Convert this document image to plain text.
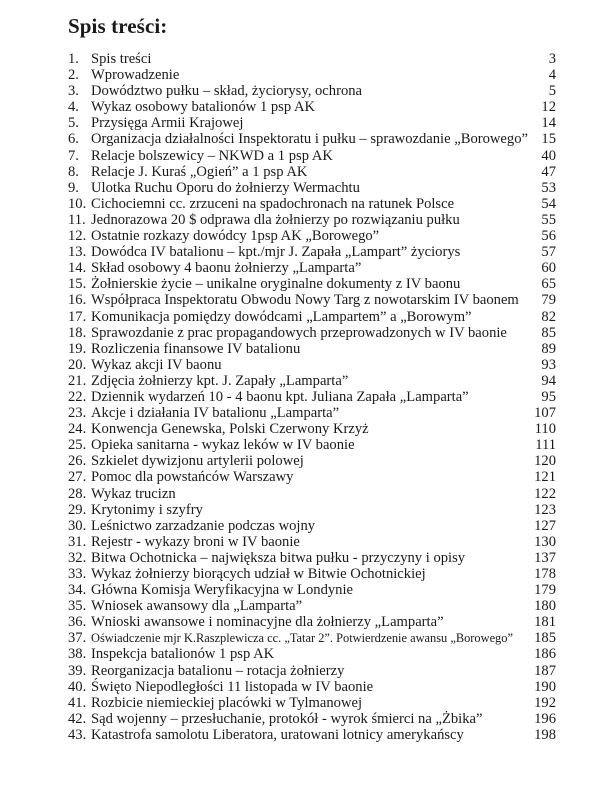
Spis treści:
1. Spis treści	3
2. Wprowadzenie	4
3. Dowództwo pułku – skład, życiorysy, ochrona	5
4. Wykaz osobowy batalionów 1 psp AK	12
5. Przysięga Armii Krajowej	14
6. Organizacja działalności Inspektoratu i pułku – sprawozdanie „Borowego” 15
7. Relacje bolszewicy – NKWD a 1 psp AK	40
8. Relacje J. Kuraś „Ogień” a 1 psp AK	47
9. Ulotka Ruchu Oporu do żołnierzy Wermachtu	53
10. Cichociemni cc. zrzuceni na spadochronach na ratunek Polsce	54
11. Jednorazowa 20 $ odprawa dla żołnierzy po rozwiązaniu pułku	55
12. Ostatnie rozkazy dowódcy 1psp AK „Borowego”	56
13. Dowódca IV batalionu – kpt./mjr J. Zapała „Lampart” życiorys	57
14. Skład osobowy 4 baonu żołnierzy „Lamparta”	60
15. Żołnierskie życie – unikalne oryginalne dokumenty z IV baonu	65
16. Współpraca Inspektoratu Obwodu Nowy Targ z nowotarskim IV baonem 79
17. Komunikacja pomiędzy dowódcami „Lampartem” a „Borowym”	82
18. Sprawozdanie z prac propagandowych przeprowadzonych w IV baonie 85
19. Rozliczenia finansowe IV batalionu	89
20. Wykaz akcji IV baonu	93
21. Zdjęcia żołnierzy kpt. J. Zapały „Lamparta”	94
22. Dziennik wydarzeń 10 - 4 baonu kpt. Juliana Zapała „Lamparta”	95
23. Akcje i działania IV batalionu „Lamparta”	107
24. Konwencja Genewska, Polski Czerwony Krzyż	110
25. Opieka sanitarna - wykaz leków w IV baonie	111
26. Szkielet dywizjonu artylerii polowej	120
27. Pomoc dla powstańców Warszawy	121
28. Wykaz trucizn	122
29. Krytonimy i szyfry	123
30. Leśnictwo zarzadzanie podczas wojny	127
31. Rejestr - wykazy broni w IV baonie	130
32. Bitwa Ochotnicka – największa bitwa pułku - przyczyny i opisy	137
33. Wykaz żołnierzy biorących udział w Bitwie Ochotnickiej	178
34. Główna Komisja Weryfikacyjna w Londynie	179
35. Wniosek awansowy dla „Lamparta”	180
36. Wnioski awansowe i nominacyjne dla żołnierzy „Lamparta”	181
37. Oświadczenie mjr K.Raszplewicza cc. „Tatar 2”. Potwierdzenie awansu „Borowego” 185
38. Inspekcja batalionów 1 psp AK	186
39. Reorganizacja batalionu – rotacja żołnierzy	187
40. Święto Niepodległości 11 listopada w IV baonie	190
41. Rozbicie niemieckiej placówki w Tylmanowej	192
42. Sąd wojenny – przesłuchanie, protokół - wyrok śmierci na „Żbika”	196
43. Katastrofa samolotu Liberatora, uratowani lotnicy amerykańscy	198
